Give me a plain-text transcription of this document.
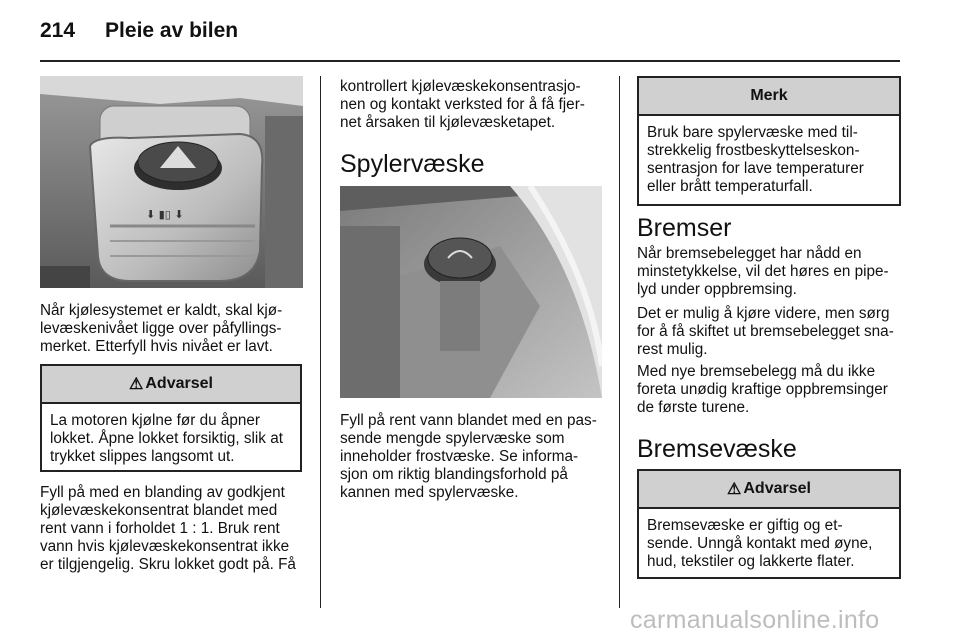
214 Pleie av bilen
⬇ ▮▯ ⬇
Når kjølesystemet er kaldt, skal kjø-
levæskenivået ligge over påfyllings-
merket. Etterfyll hvis nivået er lavt.
⚠ Advarsel
La motoren kjølne før du åpner
lokket. Åpne lokket forsiktig, slik at
trykket slippes langsomt ut.
Fyll på med en blanding av godkjent
kjølevæskekonsentrat blandet med
rent vann i forholdet 1 : 1. Bruk rent
vann hvis kjølevæskekonsentrat ikke
er tilgjengelig. Skru lokket godt på. Få
kontrollert kjølevæskekonsentrasjo-
nen og kontakt verksted for å få fjer-
net årsaken til kjølevæsketapet.
Spylervæske
Fyll på rent vann blandet med en pas-
sende mengde spylervæske som
inneholder frostvæske. Se informa-
sjon om riktig blandingsforhold på
kannen med spylervæske.
Merk
Bruk bare spylervæske med til-
strekkelig frostbeskyttelseskon-
sentrasjon for lave temperaturer
eller brått temperaturfall.
Bremser
Når bremsebelegget har nådd en
minstetykkelse, vil det høres en pipe-
lyd under oppbremsing.
Det er mulig å kjøre videre, men sørg
for å få skiftet ut bremsebelegget sna-
rest mulig.
Med nye bremsebelegg må du ikke
foreta unødig kraftige oppbremsinger
de første turene.
Bremsevæske
⚠ Advarsel
Bremsevæske er giftig og et-
sende. Unngå kontakt med øyne,
hud, tekstiler og lakkerte flater.
carmanualsonline.info
